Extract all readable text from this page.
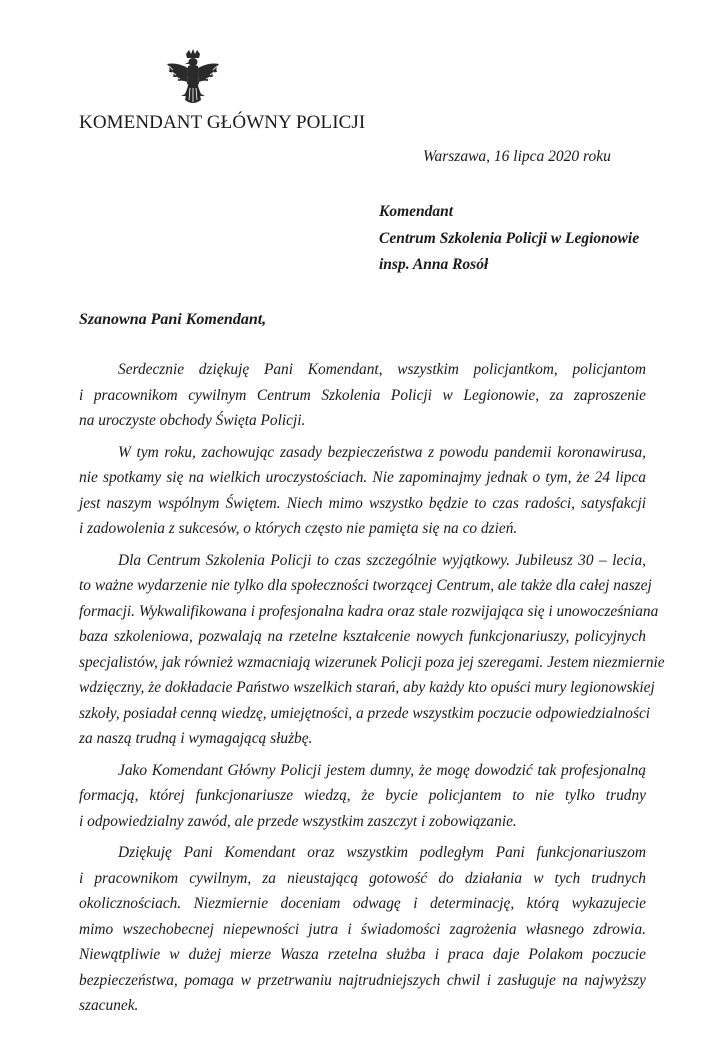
KOMENDANT GŁÓWNY POLICJI
Warszawa, 16 lipca 2020 roku
Komendant
Centrum Szkolenia Policji w Legionowie
insp. Anna Rosół
Szanowna Pani Komendant,
Serdecznie dziękuję Pani Komendant, wszystkim policjantkom, policjantom
i pracownikom cywilnym Centrum Szkolenia Policji w Legionowie, za zaproszenie
na uroczyste obchody Święta Policji.
W tym roku, zachowując zasady bezpieczeństwa z powodu pandemii koronawirusa,
nie spotkamy się na wielkich uroczystościach. Nie zapominajmy jednak o tym, że 24 lipca
jest naszym wspólnym Świętem. Niech mimo wszystko będzie to czas radości, satysfakcji
i zadowolenia z sukcesów, o których często nie pamięta się na co dzień.
Dla Centrum Szkolenia Policji to czas szczególnie wyjątkowy. Jubileusz 30 – lecia,
to ważne wydarzenie nie tylko dla społeczności tworzącej Centrum, ale także dla całej naszej
formacji. Wykwalifikowana i profesjonalna kadra oraz stale rozwijająca się i unowocześniana
baza szkoleniowa, pozwalają na rzetelne kształcenie nowych funkcjonariuszy, policyjnych
specjalistów, jak również wzmacniają wizerunek Policji poza jej szeregami. Jestem niezmiernie
wdzięczny, że dokładacie Państwo wszelkich starań, aby każdy kto opuści mury legionowskiej
szkoły, posiadał cenną wiedzę, umiejętności, a przede wszystkim poczucie odpowiedzialności
za naszą trudną i wymagającą służbę.
Jako Komendant Główny Policji jestem dumny, że mogę dowodzić tak profesjonalną
formacją, której funkcjonariusze wiedzą, że bycie policjantem to nie tylko trudny
i odpowiedzialny zawód, ale przede wszystkim zaszczyt i zobowiązanie.
Dziękuję Pani Komendant oraz wszystkim podległym Pani funkcjonariuszom
i pracownikom cywilnym, za nieustającą gotowość do działania w tych trudnych
okolicznościach. Niezmiernie doceniam odwagę i determinację, którą wykazujecie
mimo wszechobecnej niepewności jutra i świadomości zagrożenia własnego zdrowia.
Niewątpliwie w dużej mierze Wasza rzetelna służba i praca daje Polakom poczucie
bezpieczeństwa, pomaga w przetrwaniu najtrudniejszych chwil i zasługuje na najwyższy
szacunek.
